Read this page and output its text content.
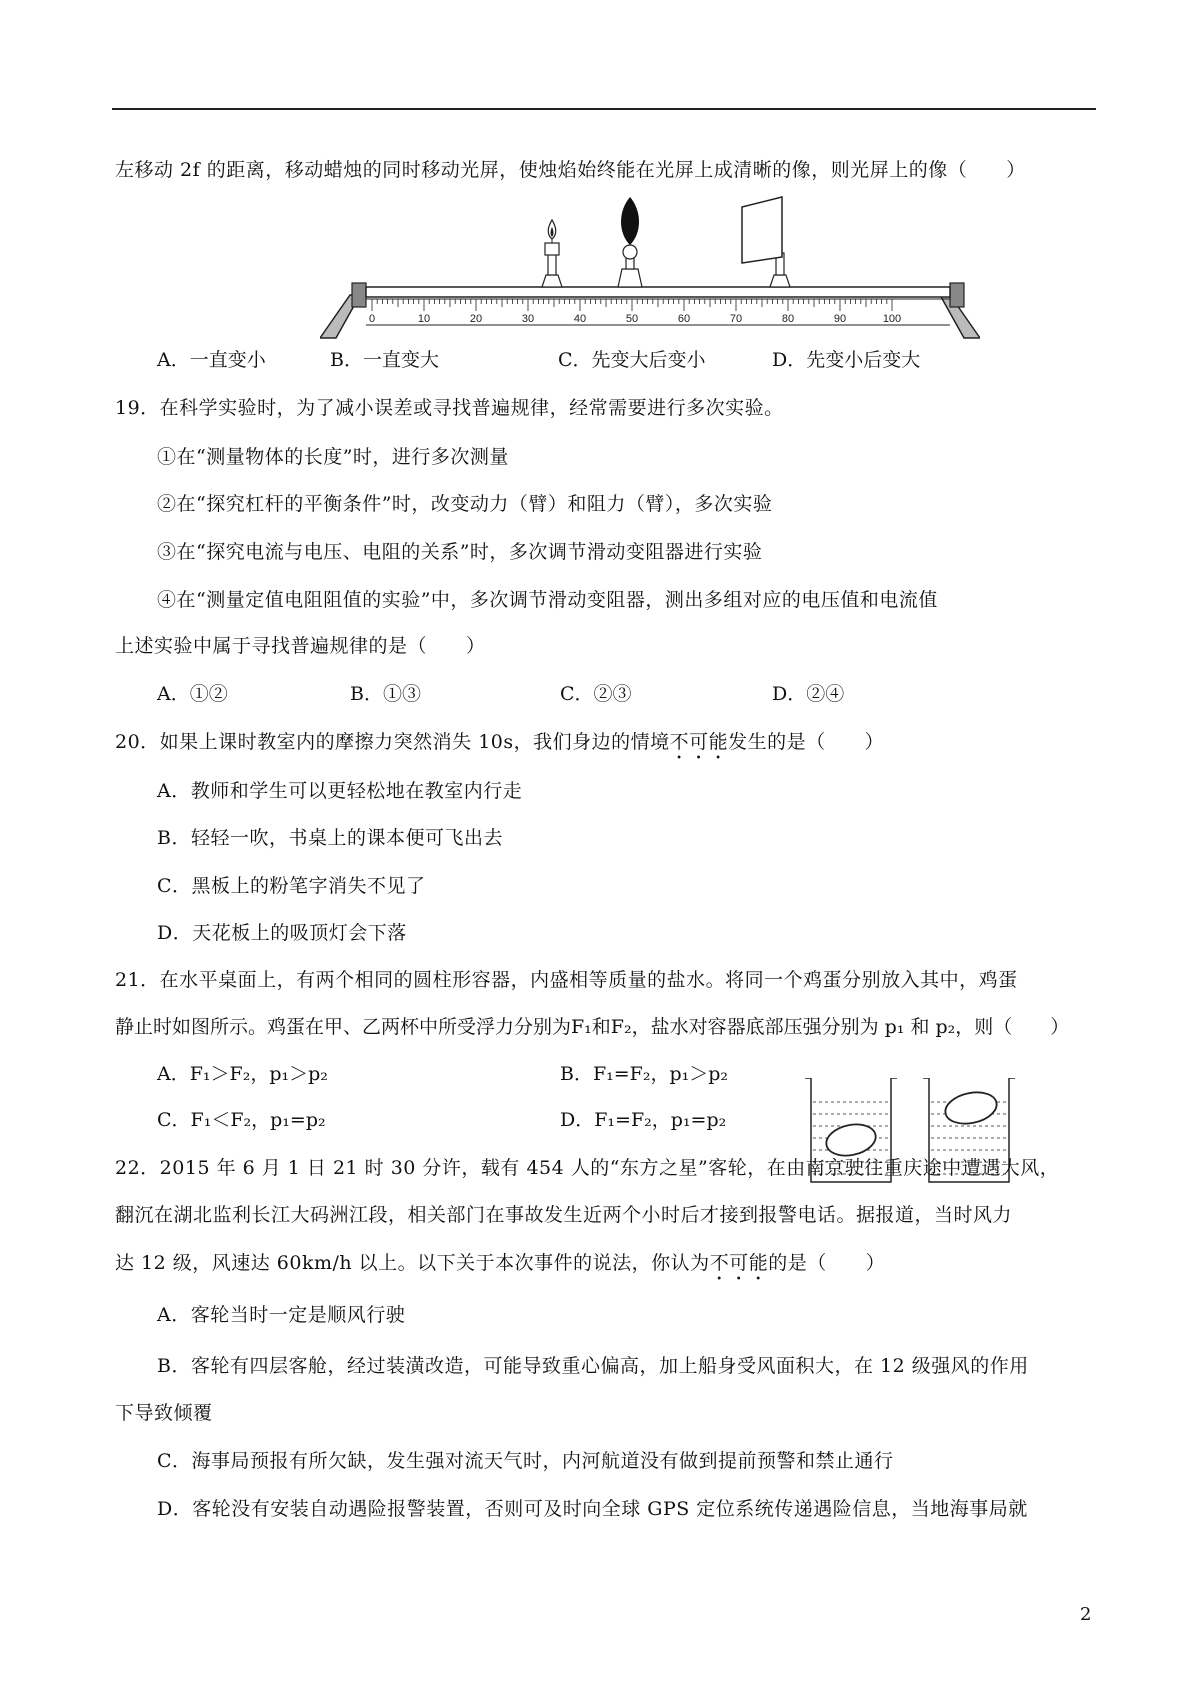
左移动 2f 的距离，移动蜡烛的同时移动光屏，使烛焰始终能在光屏上成清晰的像，则光屏上的像（　　）
0	10	20	30	40	50	60	70	80	90	100
A．一直变小	B．一直变大	C．先变大后变小	D．先变小后变大
19．在科学实验时，为了减小误差或寻找普遍规律，经常需要进行多次实验。
①在“测量物体的长度”时，进行多次测量
②在“探究杠杆的平衡条件”时，改变动力（臂）和阻力（臂），多次实验
③在“探究电流与电压、电阻的关系”时，多次调节滑动变阻器进行实验
④在“测量定值电阻阻值的实验”中，多次调节滑动变阻器，测出多组对应的电压值和电流值
上述实验中属于寻找普遍规律的是（　　）
A．①②	B．①③	C．②③	D．②④
20．如果上课时教室内的摩擦力突然消失 10s，我们身边的情境不可能发生的是（　　）
A．教师和学生可以更轻松地在教室内行走
B．轻轻一吹，书桌上的课本便可飞出去
C．黑板上的粉笔字消失不见了
D．天花板上的吸顶灯会下落
21．在水平桌面上，有两个相同的圆柱形容器，内盛相等质量的盐水。将同一个鸡蛋分别放入其中，鸡蛋
静止时如图所示。鸡蛋在甲、乙两杯中所受浮力分别为F₁和F₂，盐水对容器底部压强分别为 p₁ 和 p₂，则（　　）
A．F₁＞F₂，p₁＞p₂	B．F₁=F₂，p₁＞p₂
C．F₁＜F₂，p₁=p₂	D．F₁=F₂，p₁=p₂
22．2015 年 6 月 1 日 21 时 30 分许，载有 454 人的“东方之星”客轮，在由南京驶往重庆途中遭遇大风，
翻沉在湖北监利长江大码洲江段，相关部门在事故发生近两个小时后才接到报警电话。据报道，当时风力
达 12 级，风速达 60km/h 以上。以下关于本次事件的说法，你认为不可能的是（　　）
A．客轮当时一定是顺风行驶
B．客轮有四层客舱，经过装潢改造，可能导致重心偏高，加上船身受风面积大，在 12 级强风的作用
下导致倾覆
C．海事局预报有所欠缺，发生强对流天气时，内河航道没有做到提前预警和禁止通行
D．客轮没有安装自动遇险报警装置，否则可及时向全球 GPS 定位系统传递遇险信息，当地海事局就
2
